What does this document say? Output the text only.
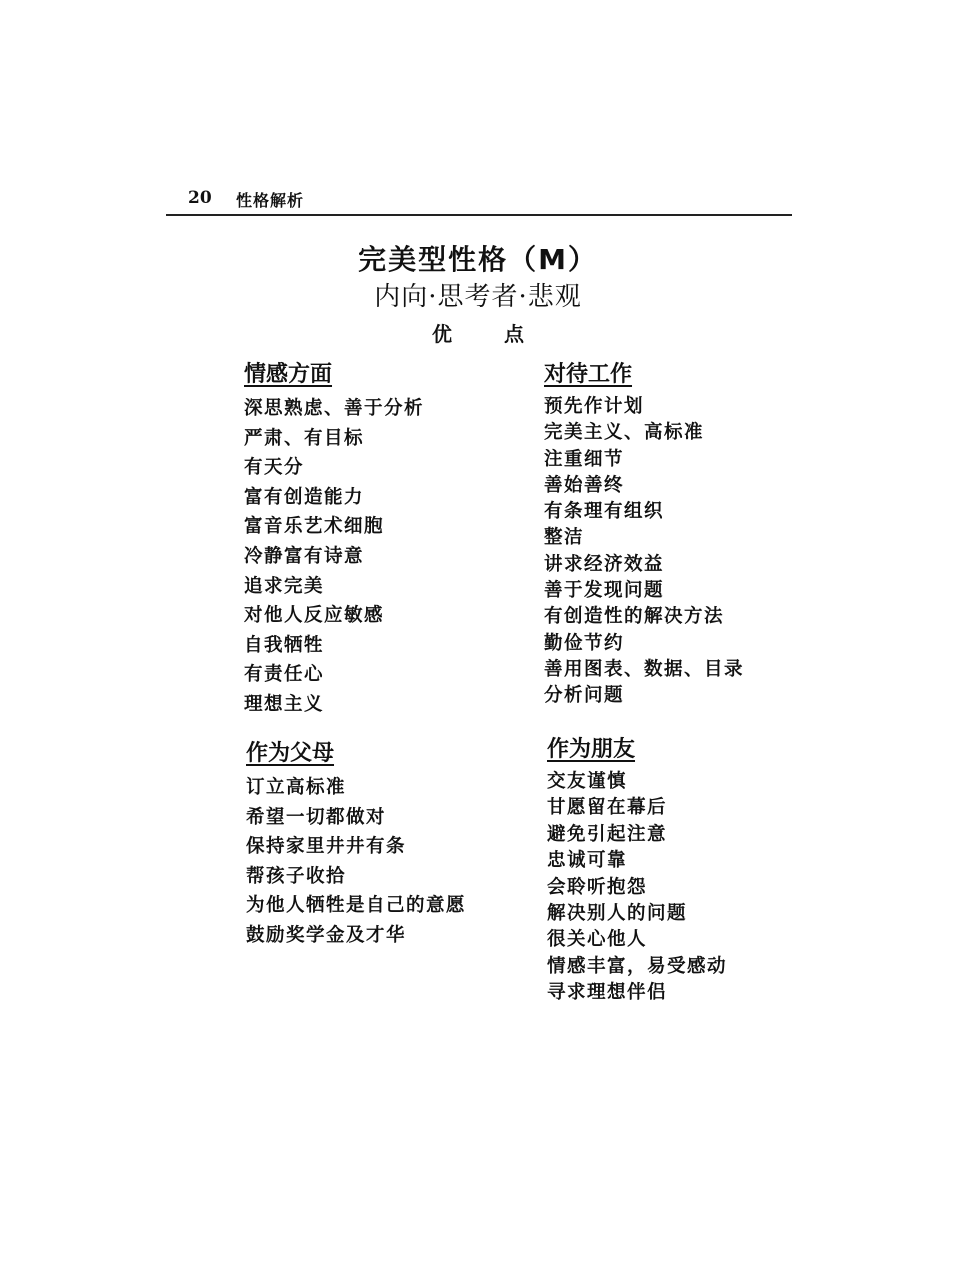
20 性格解析
完美型性格（M）
内向·思考者·悲观
优点
情感方面
深思熟虑、善于分析
严肃、有目标
有天分
富有创造能力
富音乐艺术细胞
冷静富有诗意
追求完美
对他人反应敏感
自我牺牲
有责任心
理想主义
对待工作
预先作计划
完美主义、高标准
注重细节
善始善终
有条理有组织
整洁
讲求经济效益
善于发现问题
有创造性的解决方法
勤俭节约
善用图表、数据、目录
分析问题
作为父母
订立高标准
希望一切都做对
保持家里井井有条
帮孩子收拾
为他人牺牲是自己的意愿
鼓励奖学金及才华
作为朋友
交友谨慎
甘愿留在幕后
避免引起注意
忠诚可靠
会聆听抱怨
解决别人的问题
很关心他人
情感丰富，易受感动
寻求理想伴侣
